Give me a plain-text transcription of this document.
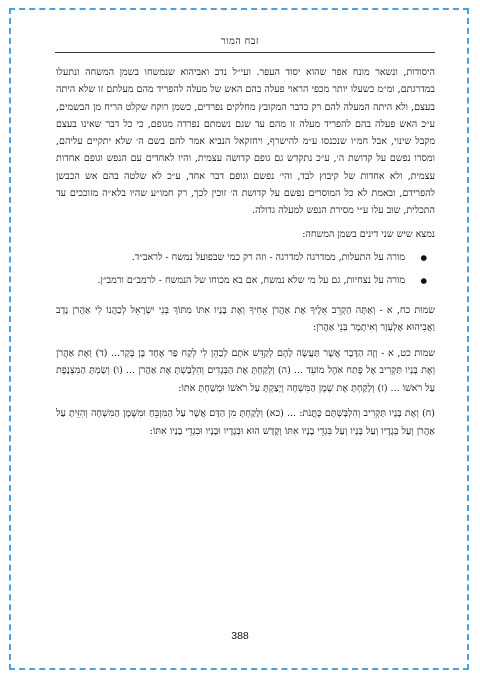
זבח המור

היסודות, ונשאר מונח אפר שהוא יסוד העפר. ועי״ל נדב ואביהוא שנמשחו בשמן המשחה ונתעלו במדרגתם, ומ״מ כשעלו יותר מכפי הראוי פעלה בהם האש של מעלה להפריד מהם מעלתם זו שלא היתה בעצם, ולא היתה המעלה להם רק כדבר המקובץ מחלקים נפרדים, כשמן רוקח שקלט הריח מן הבשמים, ע״כ האש פעלה בהם להפריד מעלה זו מהם עד שגם נשמתם נפרדה מגופם, כי כל דבר שאינו בעצם מקבל שינוי, אבל חמ״ו שנכנסו ע״מ להישרף, ויחזקאל הנביא אמר להם בשם ה׳ שלא יתקיים עליהם, ומסרו נפשם על קדושת ה׳, ע״כ נתקדש גם גופם קדושה עצמית, והיו לאחדים עם הנפש וגופם אחדות עצמית, ולא אחדות של קיבוץ לבד, והי׳ נפשם וגופם דבר אחד, ע״כ לא שלטה בהם אש הכבשן להפרידם, ובאמת לא כל המוסרים נפשם על קדושת ה׳ זוכין לכך, רק חמו״ע שהיו בלא״ה מזוככים עד התכלית, שוב עלו ע״י מסירת הנפש למעלה גדולה.

נמצא שיש שני דינים בשמן המשחה:

● מורה על התעלות, ממדרגה למדרגה - וזה רק כמי שבפועל נמשח - לראב״ד.
● מורה על נצחיות, גם על מי שלא נמשח, אם בא מכוחו של הנמשח - לרמב״ם ורמב״ן.

שמות כח, א - וְאַתָּה הַקְרֵב אֵלֶיךָ אֶת אַהֲרֹן אָחִיךָ וְאֶת בָּנָיו אִתּוֹ מִתּוֹךְ בְּנֵי יִשְׂרָאֵל לְכַהֲנוֹ לִי אַהֲרֹן נָדָב וַאֲבִיהוּא אֶלְעָזָר וְאִיתָמָר בְּנֵי אַהֲרֹן:

שמות כט, א - וְזֶה הַדָּבָר אֲשֶׁר תַּעֲשֶׂה לָהֶם לְקַדֵּשׁ אֹתָם לְכַהֵן לִי לְקַח פַּר אֶחָד בֶּן בָּקָר... (ד) וְאֶת אַהֲרֹן וְאֶת בָּנָיו תַּקְרִיב אֶל פֶּתַח אֹהֶל מוֹעֵד ... (ה) וְלָקַחְתָּ אֶת הַבְּגָדִים וְהִלְבַּשְׁתָּ אֶת אַהֲרֹן ... (ו) וְשַׂמְתָּ הַמִּצְנֶפֶת עַל רֹאשׁוֹ ... (ז) וְלָקַחְתָּ אֶת שֶׁמֶן הַמִּשְׁחָה וְיָצַקְתָּ עַל רֹאשׁוֹ וּמָשַׁחְתָּ אֹתוֹ:

(ח) וְאֶת בָּנָיו תַּקְרִיב וְהִלְבַּשְׁתָּם כֻּתֳּנֹת: ... (כא) וְלָקַחְתָּ מִן הַדָּם אֲשֶׁר עַל הַמִּזְבֵּחַ וּמִשֶּׁמֶן הַמִּשְׁחָה וְהִזֵּיתָ עַל אַהֲרֹן וְעַל בְּגָדָיו וְעַל בָּנָיו וְעַל בִּגְדֵי בָנָיו אִתּוֹ וְקָדַשׁ הוּא וּבְגָדָיו וּבָנָיו וּבִגְדֵי בָנָיו אִתּוֹ:

388
